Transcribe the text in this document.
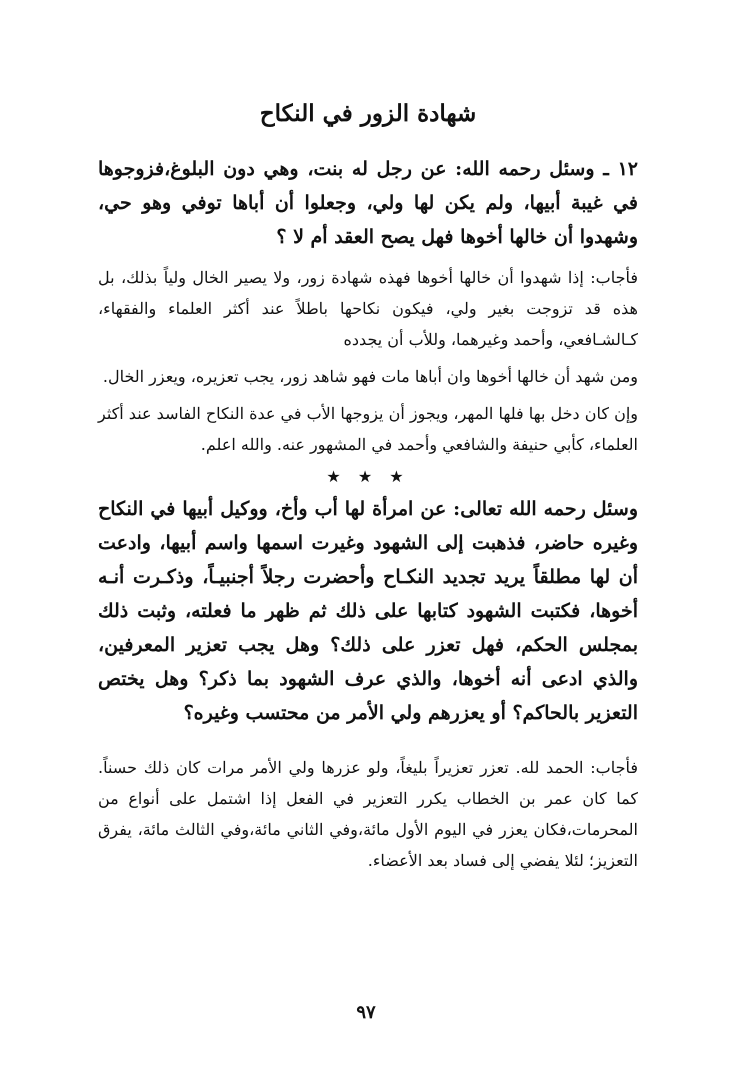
شهادة الزور في النكاح

١٢ ـ وسئل رحمه الله: عن رجل له بنت، وهي دون البلوغ،فزوجوها في غيبة أبيها، ولم يكن لها ولي، وجعلوا أن أباها توفي وهو حي، وشهدوا أن خالها أخوها فهل يصح العقد أم لا ؟

فأجاب: إذا شهدوا أن خالها أخوها فهذه شهادة زور، ولا يصير الخال ولياً بذلك، بل هذه قد تزوجت بغير ولي، فيكون نكاحها باطلاً عند أكثر العلماء والفقهاء، كـالشـافعي، وأحمد وغيرهما، وللأب أن يجدده

ومن شهد أن خالها أخوها وان أباها مات فهو شاهد زور، يجب تعزيره، ويعزر الخال.

وإن كان دخل بها فلها المهر، ويجوز أن يزوجها الأب في عدة النكاح الفاسد عند أكثر العلماء، كأبي حنيفة والشافعي وأحمد في المشهور عنه. والله اعلم.

★ ★ ★

وسئل رحمه الله تعالى: عن امرأة لها أب وأخ، ووكيل أبيها في النكاح وغيره حاضر، فذهبت إلى الشهود وغيرت اسمها واسم أبيها، وادعت أن لها مطلقاً يريد تجديد النكـاح وأحضرت رجلاً أجنبيـاً، وذكـرت أنـه أخوها، فكتبت الشهود كتابها على ذلك ثم ظهر ما فعلته، وثبت ذلك بمجلس الحكم، فهل تعزر على ذلك؟ وهل يجب تعزير المعرفين، والذي ادعى أنه أخوها، والذي عرف الشهود بما ذكر؟ وهل يختص التعزير بالحاكم؟ أو يعزرهم ولي الأمر من محتسب وغيره؟

فأجاب: الحمد لله. تعزر تعزيراً بليغاً، ولو عزرها ولي الأمر مرات كان ذلك حسناً. كما كان عمر بن الخطاب يكرر التعزير في الفعل إذا اشتمل على أنواع من المحرمات،فكان يعزر في اليوم الأول مائة،وفي الثاني مائة،وفي الثالث مائة، يفرق التعزيز؛ لئلا يفضي إلى فساد بعد الأعضاء.

٩٧
